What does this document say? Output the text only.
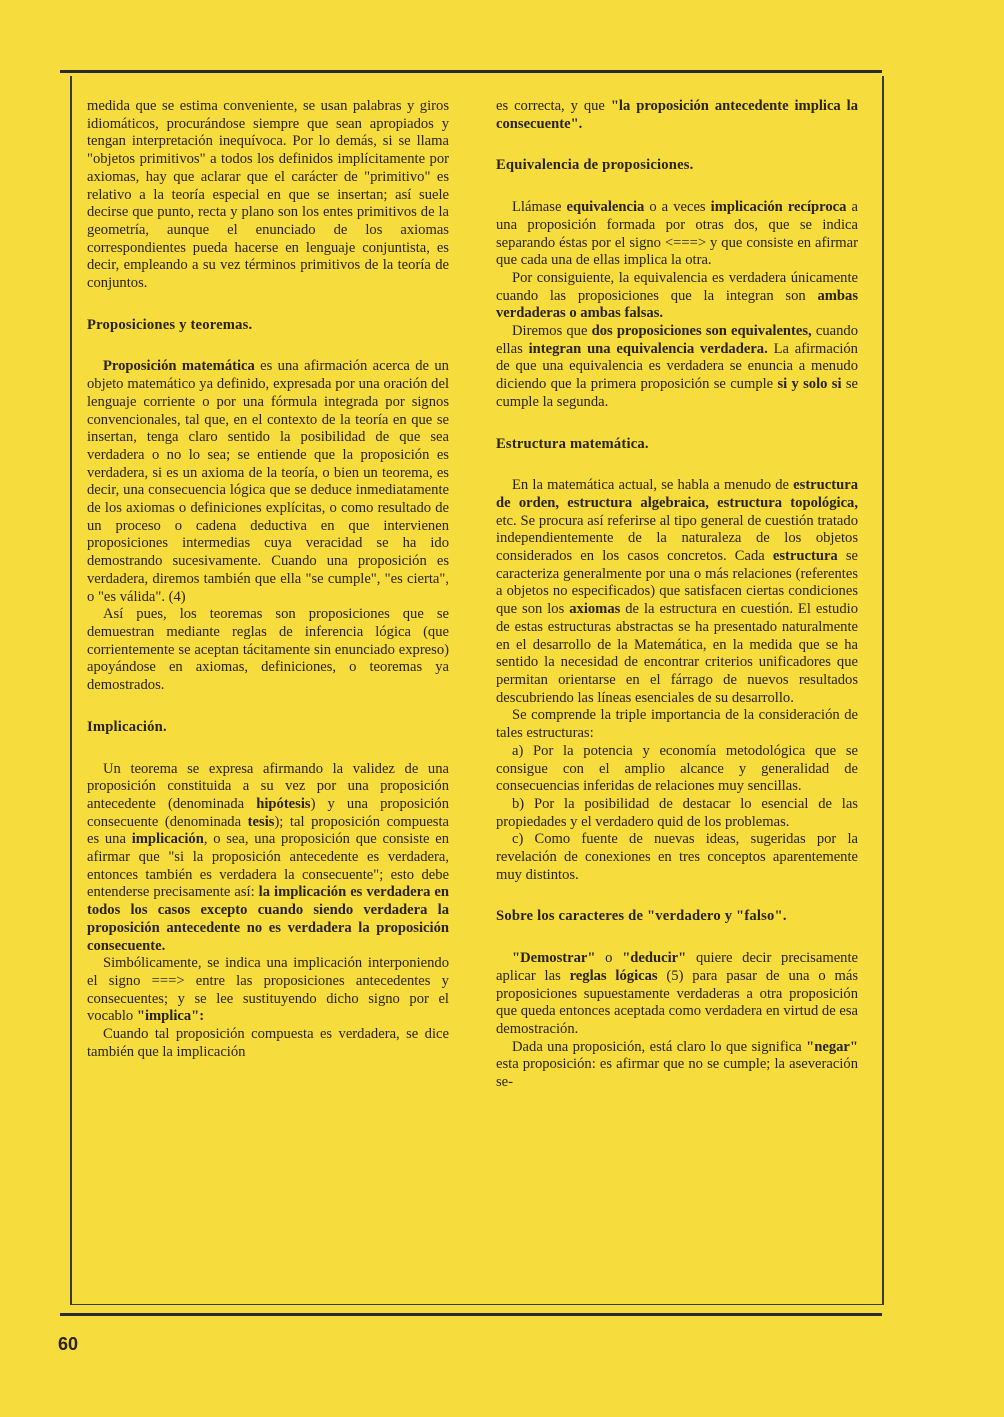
medida que se estima conveniente, se usan palabras y giros idiomáticos, procurándose siempre que sean apropiados y tengan interpretación inequívoca. Por lo demás, si se llama "objetos primitivos" a todos los definidos implícitamente por axiomas, hay que aclarar que el carácter de "primitivo" es relativo a la teoría especial en que se insertan; así suele decirse que punto, recta y plano son los entes primitivos de la geometría, aunque el enunciado de los axiomas correspondientes pueda hacerse en lenguaje conjuntista, es decir, empleando a su vez términos primitivos de la teoría de conjuntos.

Proposiciones y teoremas.

Proposición matemática es una afirmación acerca de un objeto matemático ya definido, expresada por una oración del lenguaje corriente o por una fórmula integrada por signos convencionales, tal que, en el contexto de la teoría en que se insertan, tenga claro sentido la posibilidad de que sea verdadera o no lo sea; se entiende que la proposición es verdadera, si es un axioma de la teoría, o bien un teorema, es decir, una consecuencia lógica que se deduce inmediatamente de los axiomas o definiciones explícitas, o como resultado de un proceso o cadena deductiva en que intervienen proposiciones intermedias cuya veracidad se ha ido demostrando sucesivamente. Cuando una proposición es verdadera, diremos también que ella "se cumple", "es cierta", o "es válida". (4)

Así pues, los teoremas son proposiciones que se demuestran mediante reglas de inferencia lógica (que corrientemente se aceptan tácitamente sin enunciado expreso) apoyándose en axiomas, definiciones, o teoremas ya demostrados.

Implicación.

Un teorema se expresa afirmando la validez de una proposición constituida a su vez por una proposición antecedente (denominada hipótesis) y una proposición consecuente (denominada tesis); tal proposición compuesta es una implicación, o sea, una proposición que consiste en afirmar que "si la proposición antecedente es verdadera, entonces también es verdadera la consecuente"; esto debe entenderse precisamente así: la implicación es verdadera en todos los casos excepto cuando siendo verdadera la proposición antecedente no es verdadera la proposición consecuente.

Simbólicamente, se indica una implicación interponiendo el signo ===> entre las proposiciones antecedentes y consecuentes; y se lee sustituyendo dicho signo por el vocablo "implica":

Cuando tal proposición compuesta es verdadera, se dice también que la implicación

es correcta, y que "la proposición antecedente implica la consecuente".

Equivalencia de proposiciones.

Llámase equivalencia o a veces implicación recíproca a una proposición formada por otras dos, que se indica separando éstas por el signo <===> y que consiste en afirmar que cada una de ellas implica la otra.

Por consiguiente, la equivalencia es verdadera únicamente cuando las proposiciones que la integran son ambas verdaderas o ambas falsas.

Diremos que dos proposiciones son equivalentes, cuando ellas integran una equivalencia verdadera. La afirmación de que una equivalencia es verdadera se enuncia a menudo diciendo que la primera proposición se cumple si y solo si se cumple la segunda.

Estructura matemática.

En la matemática actual, se habla a menudo de estructura de orden, estructura algebraica, estructura topológica, etc. Se procura así referirse al tipo general de cuestión tratado independientemente de la naturaleza de los objetos considerados en los casos concretos. Cada estructura se caracteriza generalmente por una o más relaciones (referentes a objetos no especificados) que satisfacen ciertas condiciones que son los axiomas de la estructura en cuestión. El estudio de estas estructuras abstractas se ha presentado naturalmente en el desarrollo de la Matemática, en la medida que se ha sentido la necesidad de encontrar criterios unificadores que permitan orientarse en el fárrago de nuevos resultados descubriendo las líneas esenciales de su desarrollo.

Se comprende la triple importancia de la consideración de tales estructuras:

a) Por la potencia y economía metodológica que se consigue con el amplio alcance y generalidad de consecuencias inferidas de relaciones muy sencillas.

b) Por la posibilidad de destacar lo esencial de las propiedades y el verdadero quid de los problemas.

c) Como fuente de nuevas ideas, sugeridas por la revelación de conexiones en tres conceptos aparentemente muy distintos.

Sobre los caracteres de "verdadero y "falso".

"Demostrar" o "deducir" quiere decir precisamente aplicar las reglas lógicas (5) para pasar de una o más proposiciones supuestamente verdaderas a otra proposición que queda entonces aceptada como verdadera en virtud de esa demostración.

Dada una proposición, está claro lo que significa "negar" esta proposición: es afirmar que no se cumple; la aseveración se-

60
